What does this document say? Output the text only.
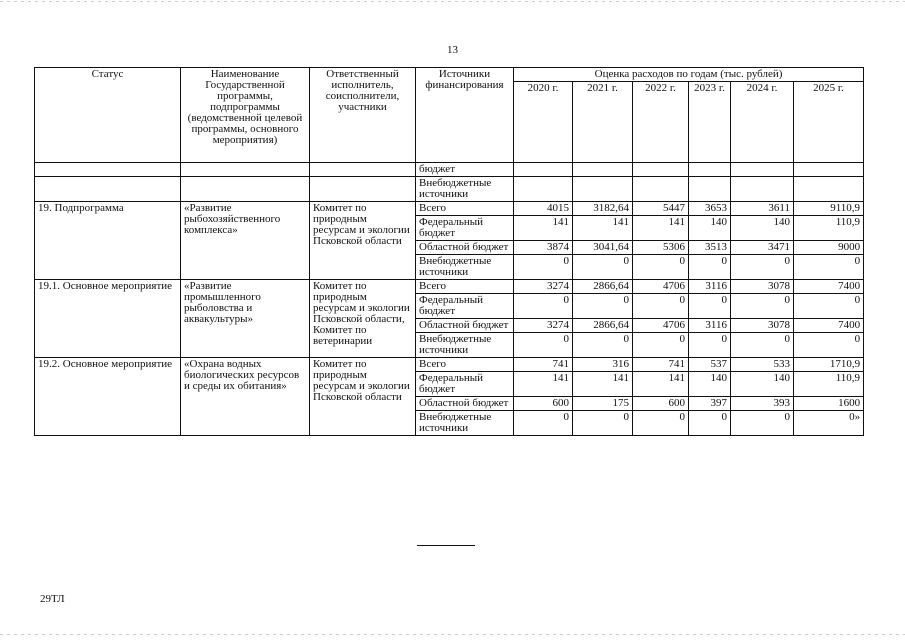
13
Статус	Наименование Государственной программы, подпрограммы (ведомственной целевой программы, основного мероприятия)	Ответственный исполнитель, соисполнители, участники	Источники финансирования	Оценка расходов по годам (тыс. рублей)					
				2020 г.	2021 г.	2022 г.	2023 г.	2024 г.	2025 г.
			бюджет						
			Внебюджетные источники						
19. Подпрограмма	«Развитие рыбохозяйственного комплекса»	Комитет по природным ресурсам и экологии Псковской области	Всего	4015	3182,64	5447	3653	3611	9110,9
			Федеральный бюджет	141	141	141	140	140	110,9
			Областной бюджет	3874	3041,64	5306	3513	3471	9000
			Внебюджетные источники	0	0	0	0	0	0
19.1. Основное мероприятие	«Развитие промышленного рыболовства и аквакультуры»	Комитет по природным ресурсам и экологии Псковской области, Комитет по ветеринарии	Всего	3274	2866,64	4706	3116	3078	7400
			Федеральный бюджет	0	0	0	0	0	0
			Областной бюджет	3274	2866,64	4706	3116	3078	7400
			Внебюджетные источники	0	0	0	0	0	0
19.2. Основное мероприятие	«Охрана водных биологических ресурсов и среды их обитания»	Комитет по природным ресурсам и экологии Псковской области	Всего	741	316	741	537	533	1710,9
			Федеральный бюджет	141	141	141	140	140	110,9
			Областной бюджет	600	175	600	397	393	1600
			Внебюджетные источники	0	0	0	0	0	0»
29ТЛ
